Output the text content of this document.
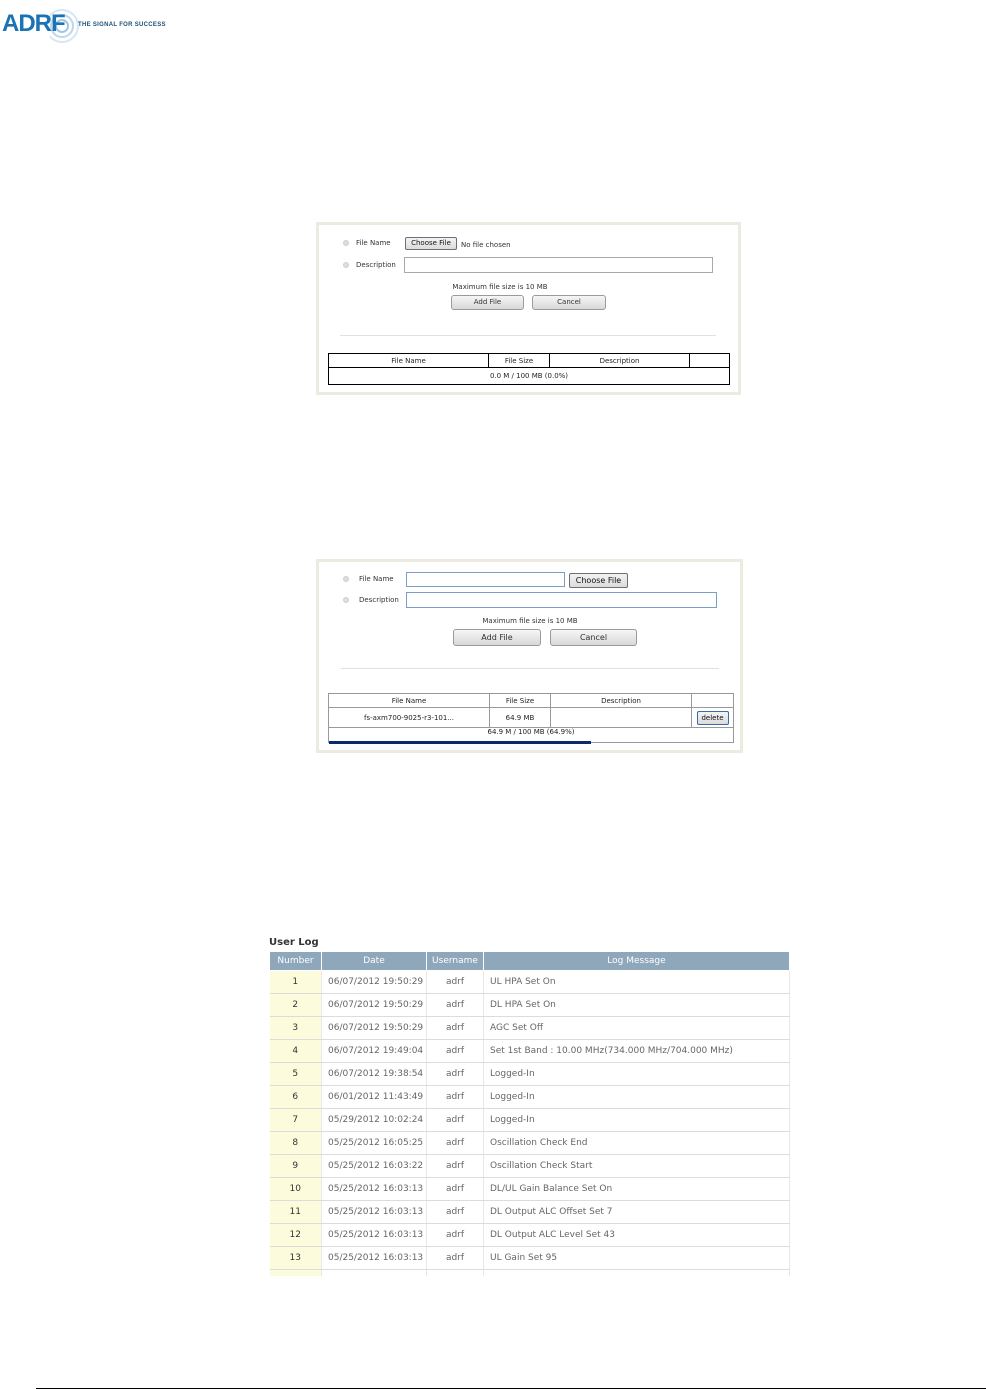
ADRF THE SIGNAL FOR SUCCESS
File Name	Choose File	No file chosen
Description
Maximum file size is 10 MB
Add File	Cancel
File Name	File Size	Description	
0.0 M / 100 MB (0.0%)
File Name	Choose File
Description
Maximum file size is 10 MB
Add File	Cancel
File Name	File Size	Description	
fs-axm700-9025-r3-101...	64.9 MB		delete
64.9 M / 100 MB (64.9%)			
User Log
Number	Date	Username	Log Message
1	06/07/2012 19:50:29	adrf	UL HPA Set On
2	06/07/2012 19:50:29	adrf	DL HPA Set On
3	06/07/2012 19:50:29	adrf	AGC Set Off
4	06/07/2012 19:49:04	adrf	Set 1st Band : 10.00 MHz(734.000 MHz/704.000 MHz)
5	06/07/2012 19:38:54	adrf	Logged-In
6	06/01/2012 11:43:49	adrf	Logged-In
7	05/29/2012 10:02:24	adrf	Logged-In
8	05/25/2012 16:05:25	adrf	Oscillation Check End
9	05/25/2012 16:03:22	adrf	Oscillation Check Start
10	05/25/2012 16:03:13	adrf	DL/UL Gain Balance Set On
11	05/25/2012 16:03:13	adrf	DL Output ALC Offset Set 7
12	05/25/2012 16:03:13	adrf	DL Output ALC Level Set 43
13	05/25/2012 16:03:13	adrf	UL Gain Set 95
